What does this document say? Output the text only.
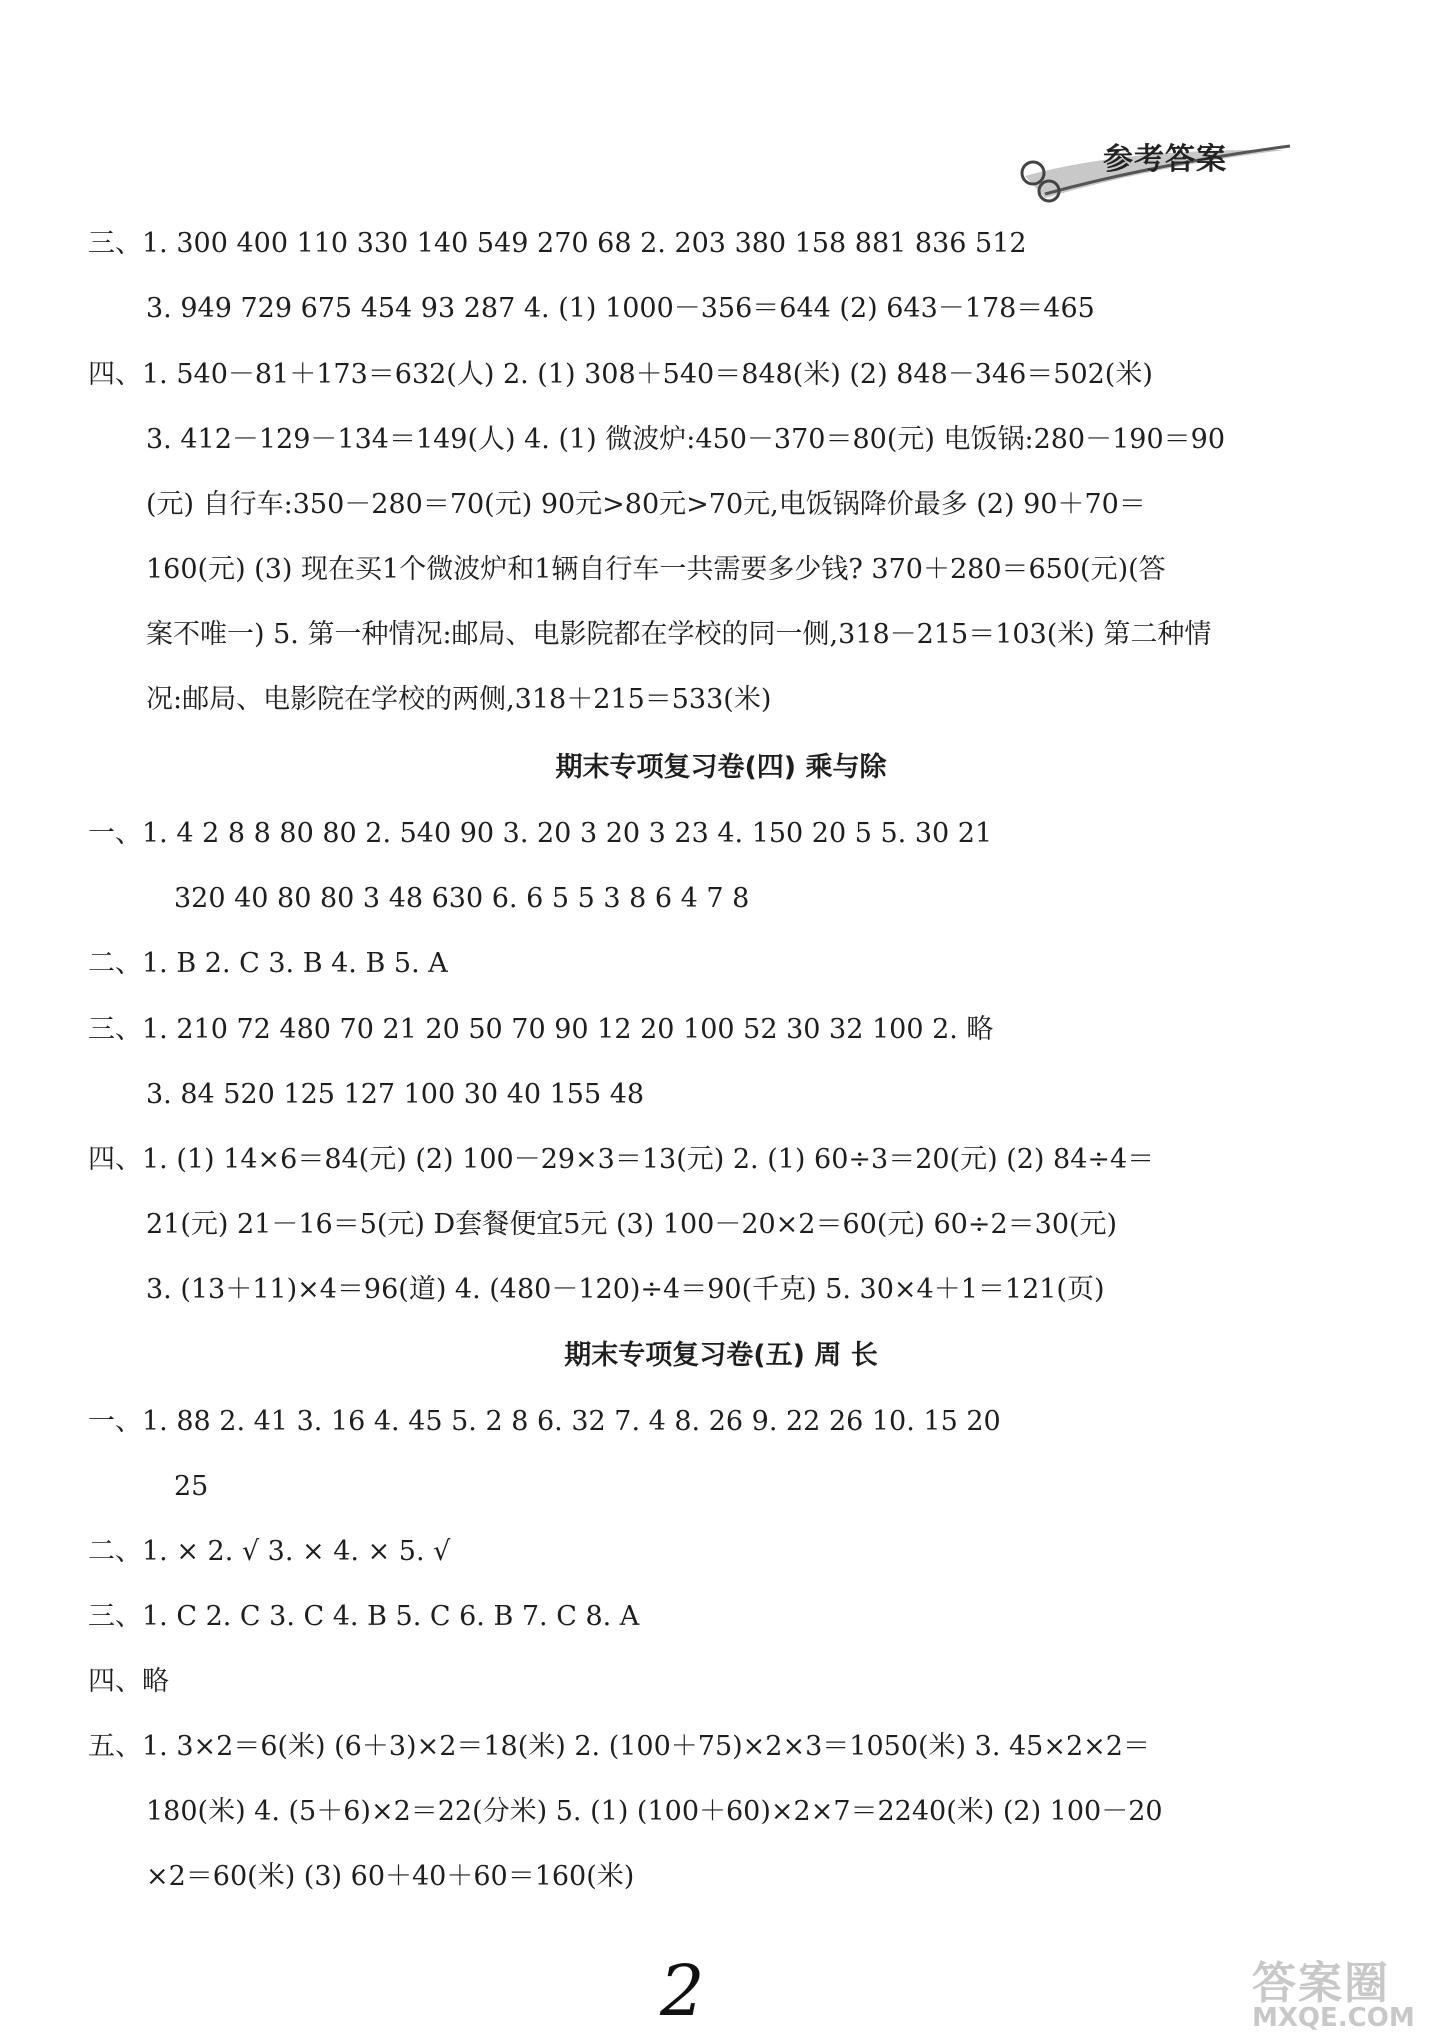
参考答案
三、1. 300 400 110 330 140 549 270 68 2. 203 380 158 881 836 512
3. 949 729 675 454 93 287 4. (1) 1000－356＝644 (2) 643－178＝465
四、1. 540－81＋173＝632(人) 2. (1) 308＋540＝848(米) (2) 848－346＝502(米)
3. 412－129－134＝149(人) 4. (1) 微波炉:450－370＝80(元) 电饭锅:280－190＝90
(元) 自行车:350－280＝70(元) 90元>80元>70元,电饭锅降价最多 (2) 90＋70＝
160(元) (3) 现在买1个微波炉和1辆自行车一共需要多少钱? 370＋280＝650(元)(答
案不唯一) 5. 第一种情况:邮局、电影院都在学校的同一侧,318－215＝103(米) 第二种情
况:邮局、电影院在学校的两侧,318＋215＝533(米)
期末专项复习卷(四) 乘与除
一、1. 4 2 8 8 80 80 2. 540 90 3. 20 3 20 3 23 4. 150 20 5 5. 30 21
320 40 80 80 3 48 630 6. 6 5 5 3 8 6 4 7 8
二、1. B 2. C 3. B 4. B 5. A
三、1. 210 72 480 70 21 20 50 70 90 12 20 100 52 30 32 100 2. 略
3. 84 520 125 127 100 30 40 155 48
四、1. (1) 14×6＝84(元) (2) 100－29×3＝13(元) 2. (1) 60÷3＝20(元) (2) 84÷4＝
21(元) 21－16＝5(元) D套餐便宜5元 (3) 100－20×2＝60(元) 60÷2＝30(元)
3. (13＋11)×4＝96(道) 4. (480－120)÷4＝90(千克) 5. 30×4＋1＝121(页)
期末专项复习卷(五) 周 长
一、1. 88 2. 41 3. 16 4. 45 5. 2 8 6. 32 7. 4 8. 26 9. 22 26 10. 15 20
25
二、1. × 2. √ 3. × 4. × 5. √
三、1. C 2. C 3. C 4. B 5. C 6. B 7. C 8. A
四、略
五、1. 3×2＝6(米) (6＋3)×2＝18(米) 2. (100＋75)×2×3＝1050(米) 3. 45×2×2＝
180(米) 4. (5＋6)×2＝22(分米) 5. (1) (100＋60)×2×7＝2240(米) (2) 100－20
×2＝60(米) (3) 60＋40＋60＝160(米)
2	答案圈
MXQE.COM
